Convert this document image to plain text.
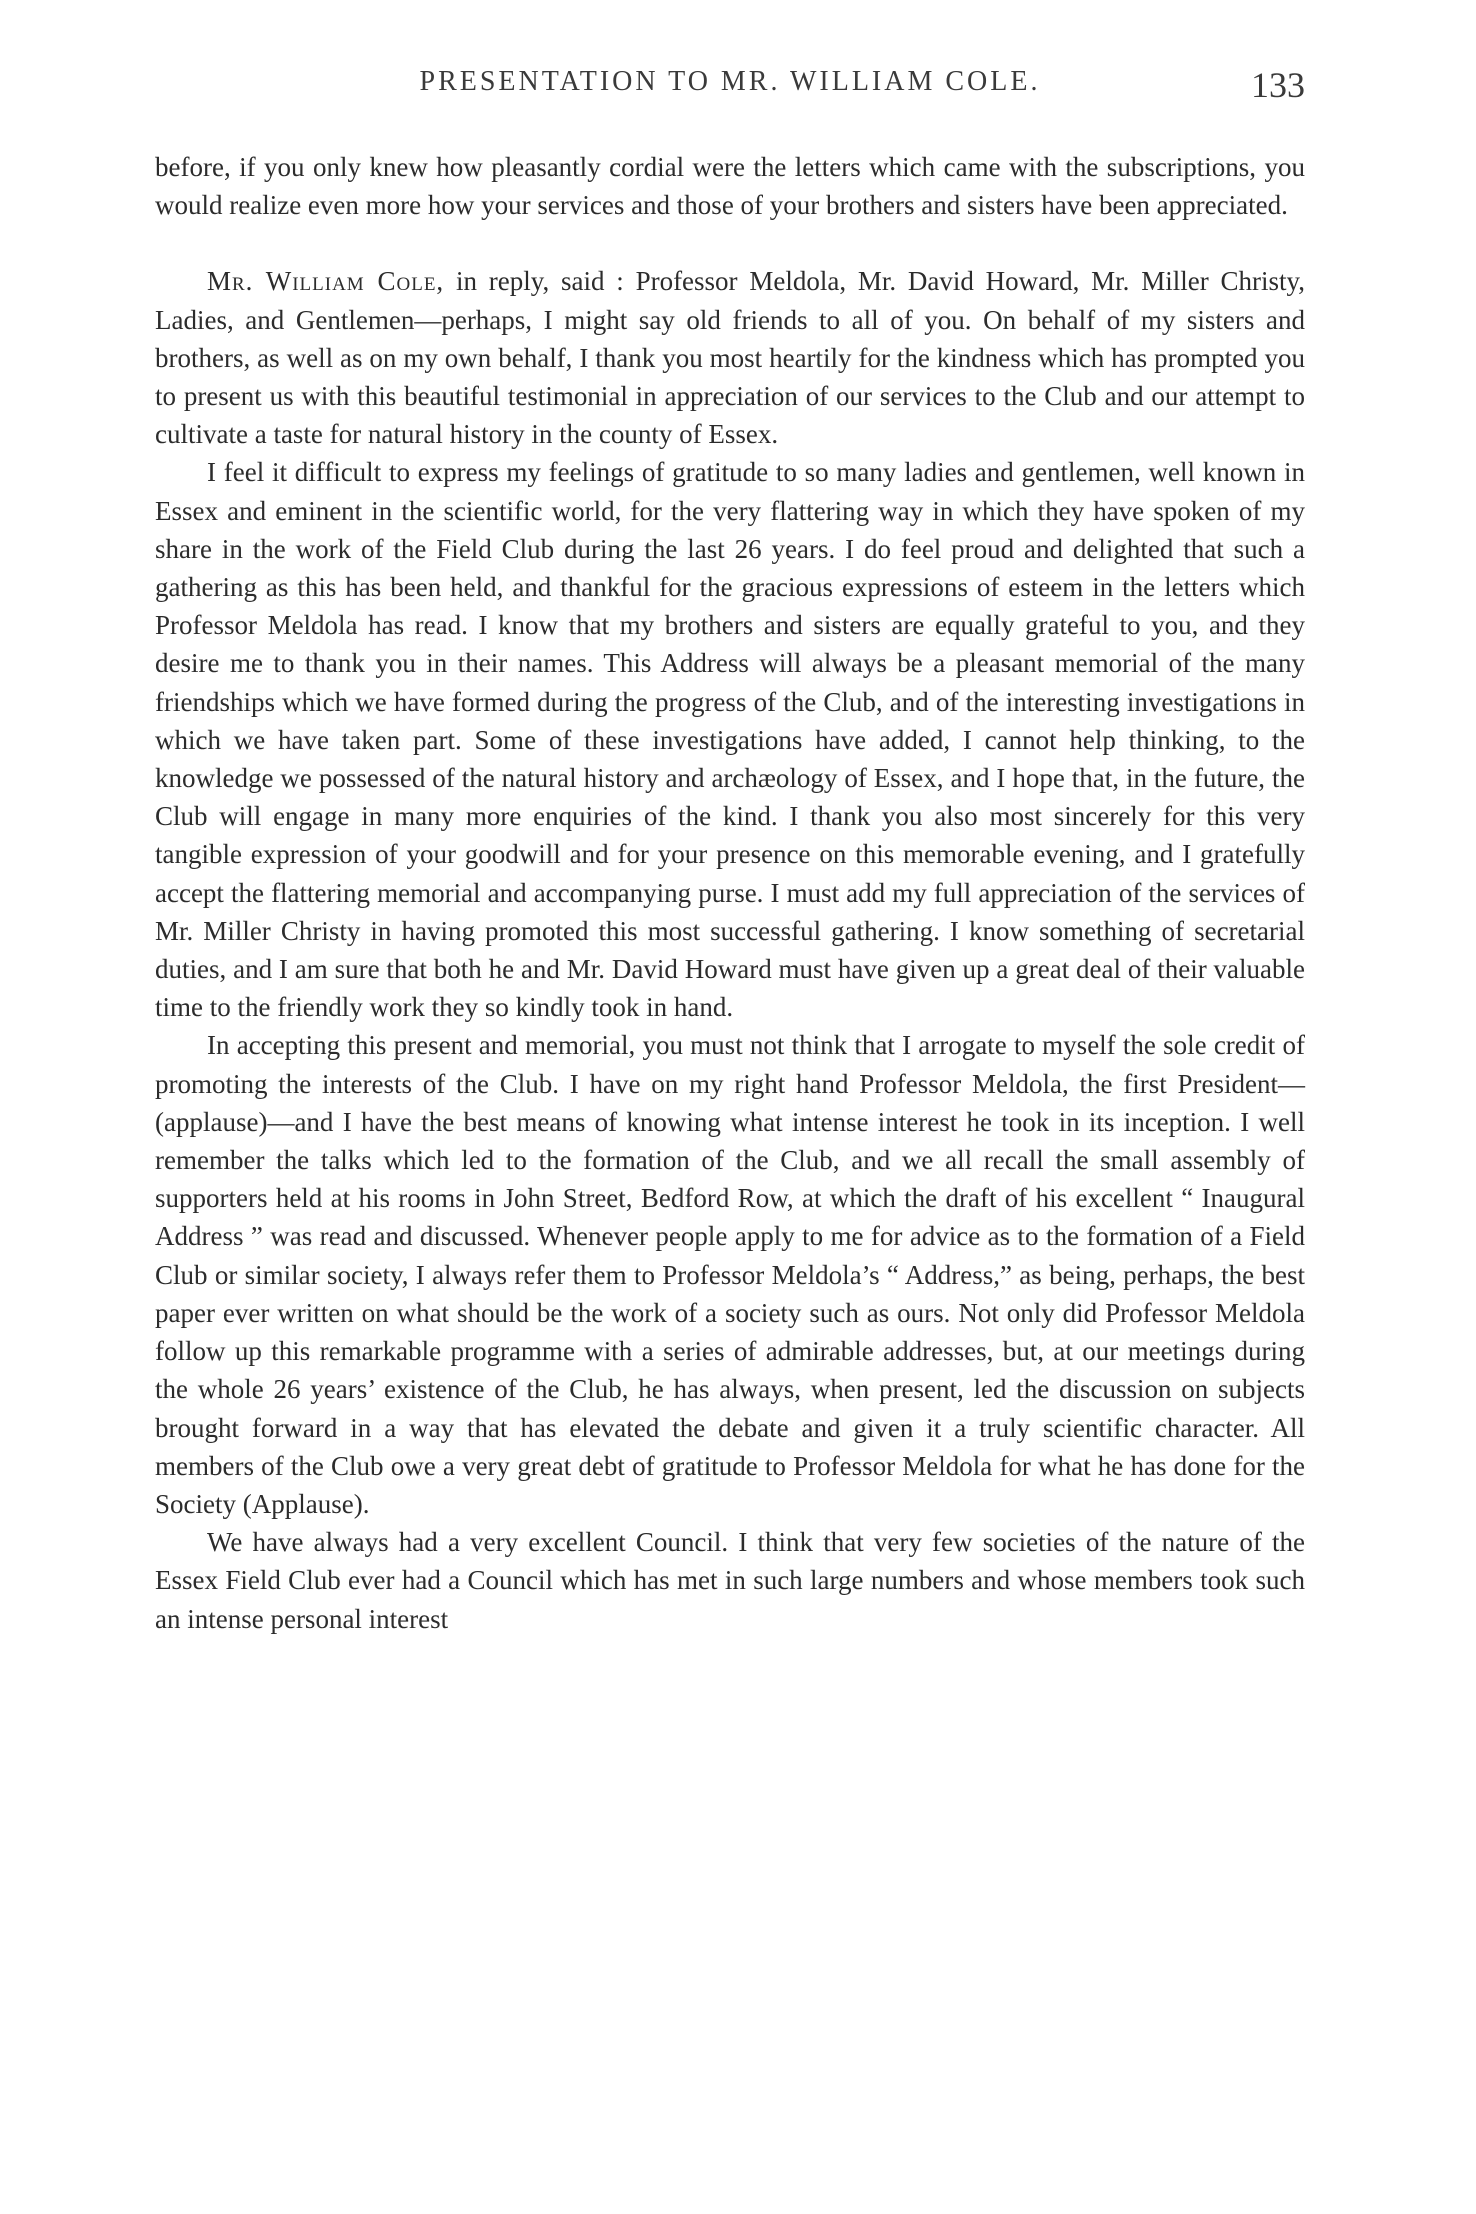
PRESENTATION TO MR. WILLIAM COLE.	133

before, if you only knew how pleasantly cordial were the letters which came with the subscriptions, you would realize even more how your services and those of your brothers and sisters have been appreciated.

Mr. William Cole, in reply, said : Professor Meldola, Mr. David Howard, Mr. Miller Christy, Ladies, and Gentlemen—perhaps, I might say old friends to all of you. On behalf of my sisters and brothers, as well as on my own behalf, I thank you most heartily for the kindness which has prompted you to present us with this beautiful testimonial in appreciation of our services to the Club and our attempt to cultivate a taste for natural history in the county of Essex.

I feel it difficult to express my feelings of gratitude to so many ladies and gentlemen, well known in Essex and eminent in the scientific world, for the very flattering way in which they have spoken of my share in the work of the Field Club during the last 26 years. I do feel proud and delighted that such a gathering as this has been held, and thankful for the gracious expressions of esteem in the letters which Professor Meldola has read. I know that my brothers and sisters are equally grateful to you, and they desire me to thank you in their names. This Address will always be a pleasant memorial of the many friendships which we have formed during the progress of the Club, and of the interesting investigations in which we have taken part. Some of these investigations have added, I cannot help thinking, to the knowledge we possessed of the natural history and archæology of Essex, and I hope that, in the future, the Club will engage in many more enquiries of the kind. I thank you also most sincerely for this very tangible expression of your goodwill and for your presence on this memorable evening, and I gratefully accept the flattering memorial and accompanying purse. I must add my full appreciation of the services of Mr. Miller Christy in having promoted this most successful gathering. I know something of secretarial duties, and I am sure that both he and Mr. David Howard must have given up a great deal of their valuable time to the friendly work they so kindly took in hand.

In accepting this present and memorial, you must not think that I arrogate to myself the sole credit of promoting the interests of the Club. I have on my right hand Professor Meldola, the first President—(applause)—and I have the best means of knowing what intense interest he took in its inception. I well remember the talks which led to the formation of the Club, and we all recall the small assembly of supporters held at his rooms in John Street, Bedford Row, at which the draft of his excellent “ Inaugural Address ” was read and discussed. Whenever people apply to me for advice as to the formation of a Field Club or similar society, I always refer them to Professor Meldola’s “ Address,” as being, perhaps, the best paper ever written on what should be the work of a society such as ours. Not only did Professor Meldola follow up this remarkable programme with a series of admirable addresses, but, at our meetings during the whole 26 years’ existence of the Club, he has always, when present, led the discussion on subjects brought forward in a way that has elevated the debate and given it a truly scientific character. All members of the Club owe a very great debt of gratitude to Professor Meldola for what he has done for the Society (Applause).

We have always had a very excellent Council. I think that very few societies of the nature of the Essex Field Club ever had a Council which has met in such large numbers and whose members took such an intense personal interest
